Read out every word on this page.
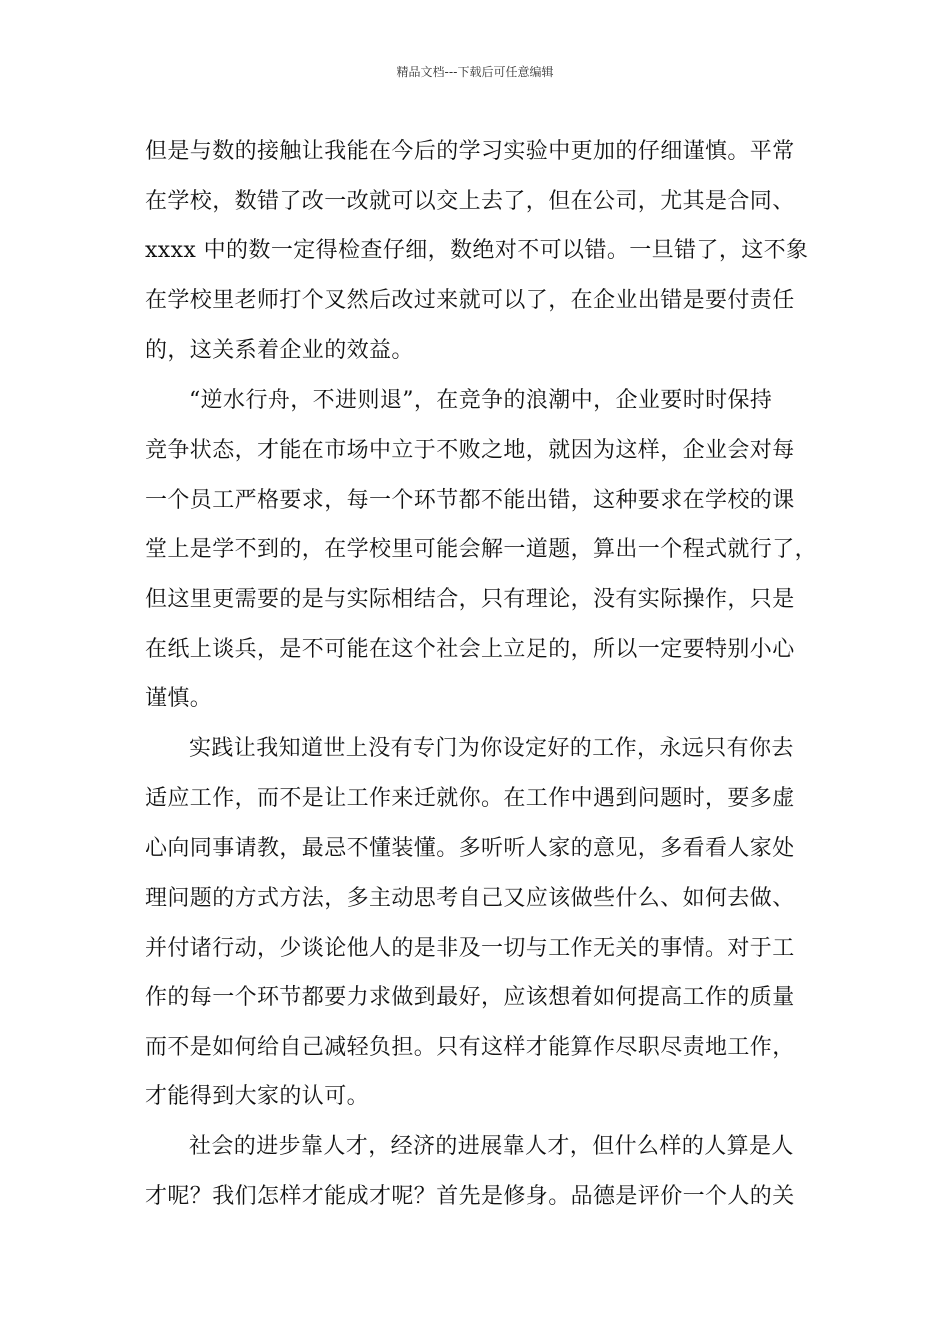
精品文档---下载后可任意编辑
但是与数的接触让我能在今后的学习实验中更加的仔细谨慎。平常
在学校，数错了改一改就可以交上去了，但在公司，尤其是合同、
xxxx 中的数一定得检查仔细，数绝对不可以错。一旦错了，这不象
在学校里老师打个叉然后改过来就可以了，在企业出错是要付责任
的，这关系着企业的效益。
“逆水行舟，不进则退”，在竞争的浪潮中，企业要时时保持
竞争状态，才能在市场中立于不败之地，就因为这样，企业会对每
一个员工严格要求，每一个环节都不能出错，这种要求在学校的课
堂上是学不到的，在学校里可能会解一道题，算出一个程式就行了，
但这里更需要的是与实际相结合，只有理论，没有实际操作，只是
在纸上谈兵，是不可能在这个社会上立足的，所以一定要特别小心
谨慎。
实践让我知道世上没有专门为你设定好的工作，永远只有你去
适应工作，而不是让工作来迁就你。在工作中遇到问题时，要多虚
心向同事请教，最忌不懂装懂。多听听人家的意见，多看看人家处
理问题的方式方法，多主动思考自己又应该做些什么、如何去做、
并付诸行动，少谈论他人的是非及一切与工作无关的事情。对于工
作的每一个环节都要力求做到最好，应该想着如何提高工作的质量
而不是如何给自己减轻负担。只有这样才能算作尽职尽责地工作，
才能得到大家的认可。
社会的进步靠人才，经济的进展靠人才，但什么样的人算是人
才呢？我们怎样才能成才呢？首先是修身。品德是评价一个人的关
